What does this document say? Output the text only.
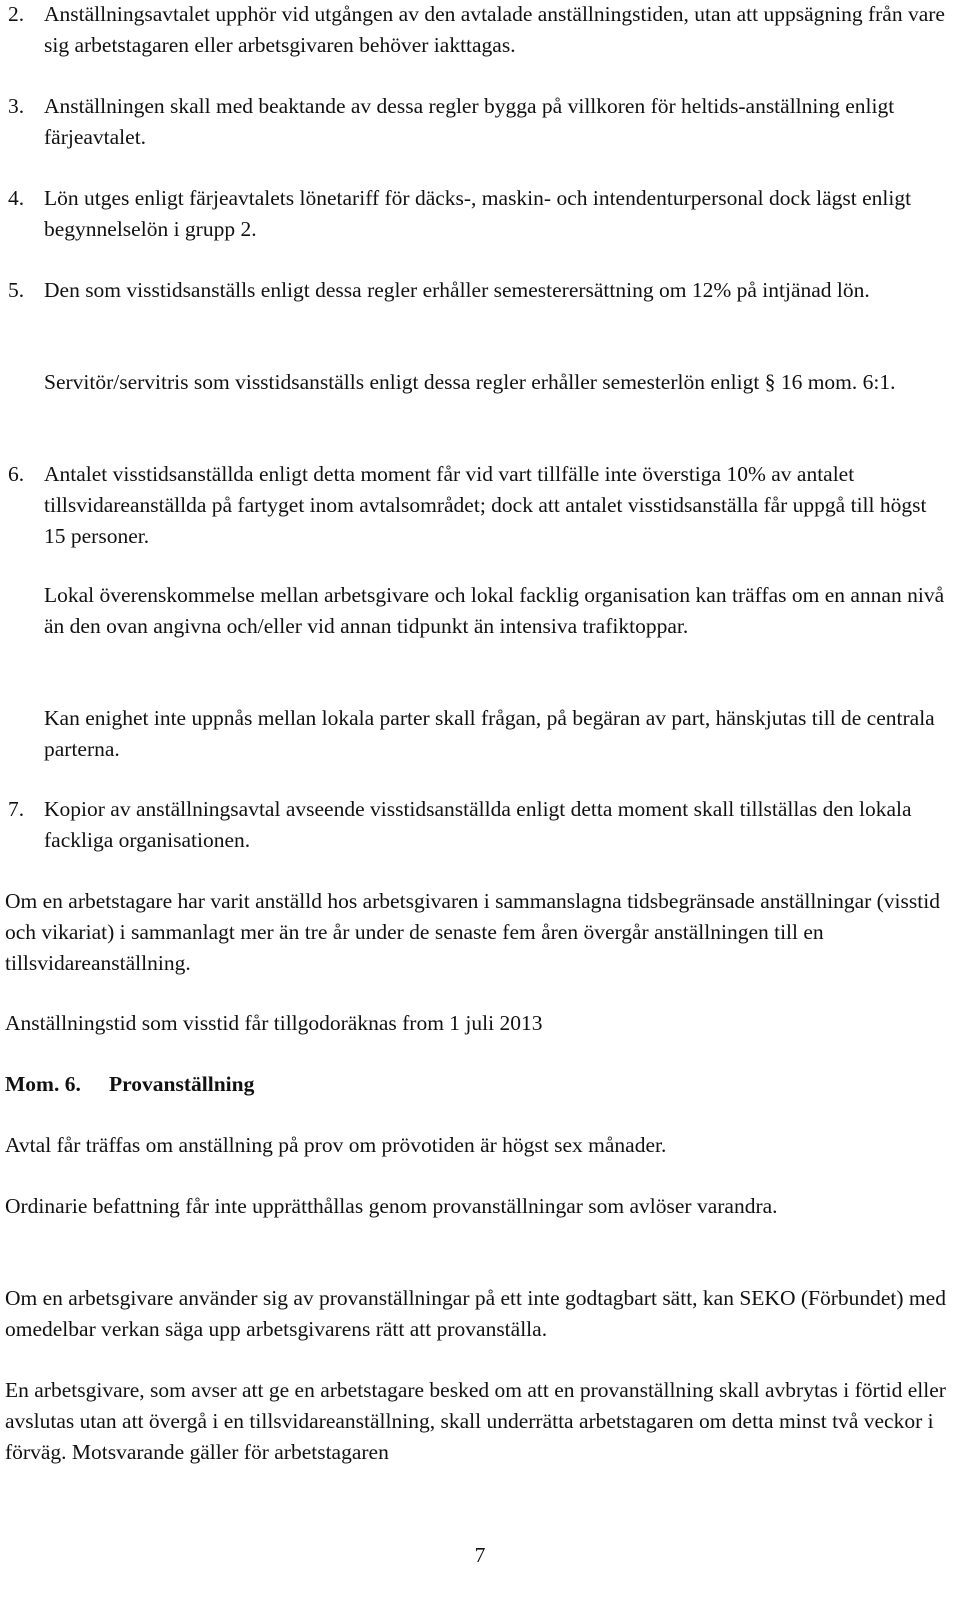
2. Anställningsavtalet upphör vid utgången av den avtalade anställningstiden, utan att uppsägning från vare sig arbetstagaren eller arbetsgivaren behöver iakttagas.
3. Anställningen skall med beaktande av dessa regler bygga på villkoren för heltids-anställning enligt färjeavtalet.
4. Lön utges enligt färjeavtalets lönetariff för däcks-, maskin- och intendenturpersonal dock lägst enligt begynnelselön i grupp 2.
5. Den som visstidsanställs enligt dessa regler erhåller semesterersättning om 12% på intjänad lön.

Servitör/servitris som visstidsanställs enligt dessa regler erhåller semesterlön enligt § 16 mom. 6:1.

6. Antalet visstidsanställda enligt detta moment får vid vart tillfälle inte överstiga 10% av antalet tillsvidareanställda på fartyget inom avtalsområdet; dock att antalet visstidsanställa får uppgå till högst 15 personer.

Lokal överenskommelse mellan arbetsgivare och lokal facklig organisation kan träffas om en annan nivå än den ovan angivna och/eller vid annan tidpunkt än intensiva trafiktoppar.

Kan enighet inte uppnås mellan lokala parter skall frågan, på begäran av part, hänskjutas till de centrala parterna.

7. Kopior av anställningsavtal avseende visstidsanställda enligt detta moment skall tillställas den lokala fackliga organisationen.

Om en arbetstagare har varit anställd hos arbetsgivaren i sammanslagna tidsbegränsade anställningar (visstid och vikariat) i sammanlagt mer än tre år under de senaste fem åren övergår anställningen till en tillsvidareanställning.

Anställningstid som visstid får tillgodoräknas from 1 juli 2013

Mom. 6. Provanställning

Avtal får träffas om anställning på prov om prövotiden är högst sex månader.

Ordinarie befattning får inte upprätthållas genom provanställningar som avlöser varandra.

Om en arbetsgivare använder sig av provanställningar på ett inte godtagbart sätt, kan SEKO (Förbundet) med omedelbar verkan säga upp arbetsgivarens rätt att provanställa.

En arbetsgivare, som avser att ge en arbetstagare besked om att en provanställning skall avbrytas i förtid eller avslutas utan att övergå i en tillsvidareanställning, skall underrätta arbetstagaren om detta minst två veckor i förväg. Motsvarande gäller för arbetstagaren

7
